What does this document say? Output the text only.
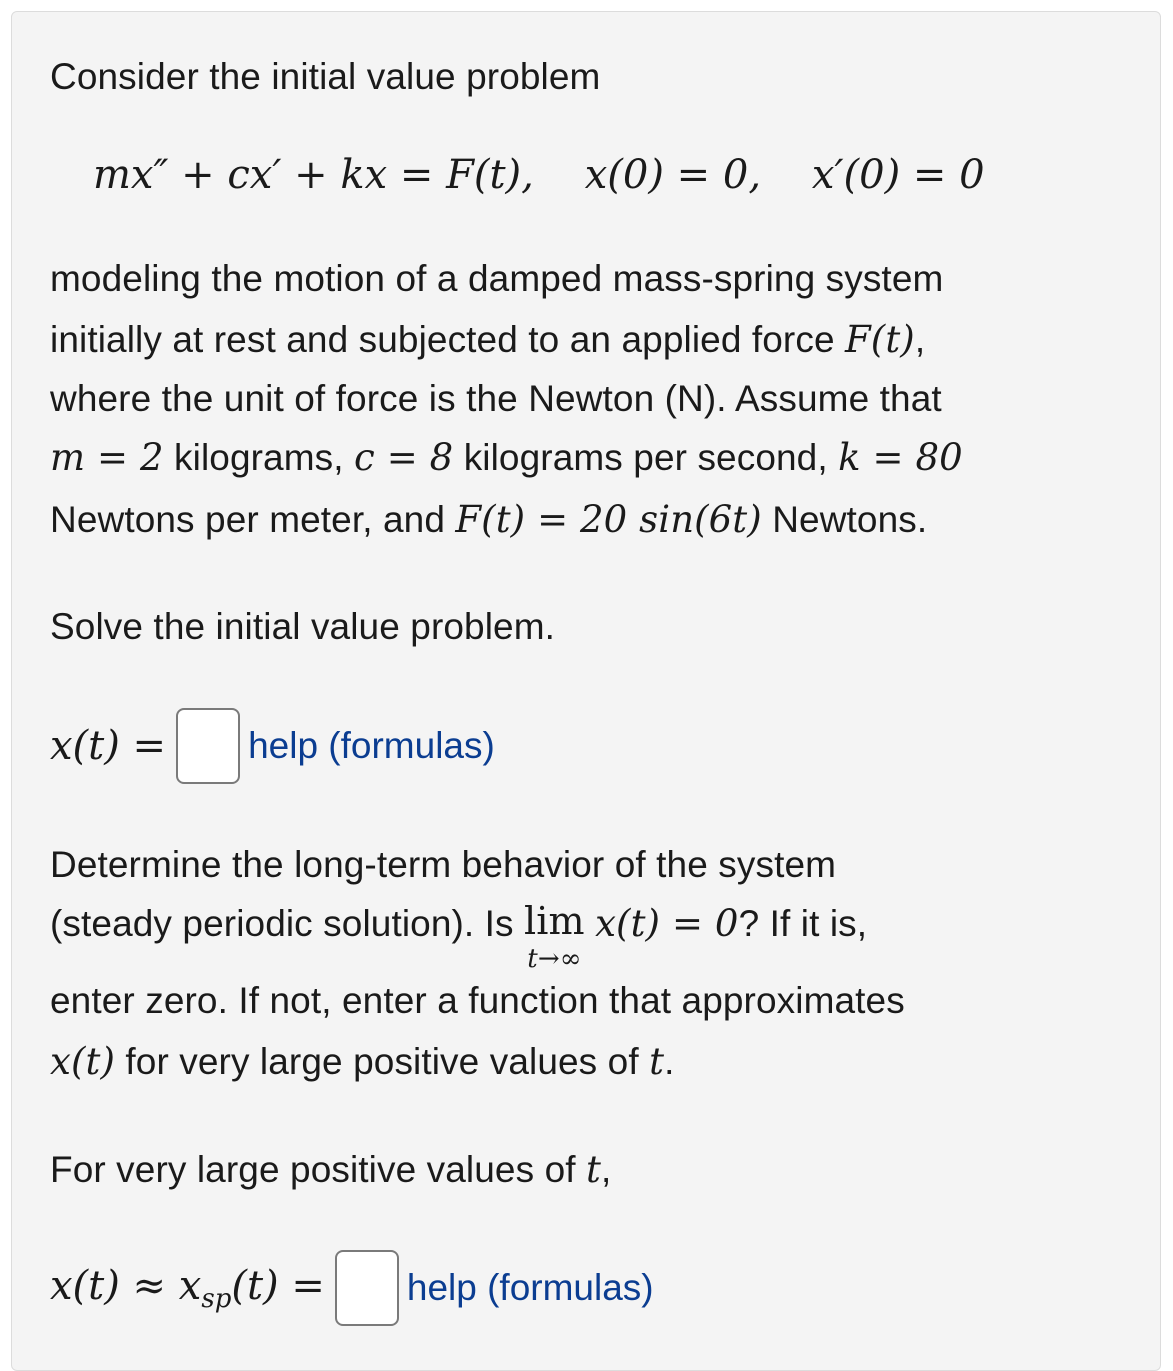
Consider the initial value problem
mx″ + cx′ + kx = F(t), x(0) = 0, x′(0) = 0
modeling the motion of a damped mass-spring system
initially at rest and subjected to an applied force F(t),
where the unit of force is the Newton (N). Assume that
m = 2 kilograms, c = 8 kilograms per second, k = 80
Newtons per meter, and F(t) = 20 sin(6t) Newtons.
Solve the initial value problem.
x(t) = help (formulas)
Determine the long-term behavior of the system
(steady periodic solution). Is lim
t→∞
x(t) = 0? If it is,
enter zero. If not, enter a function that approximates
x(t) for very large positive values of t.
For very large positive values of t,
$x(t) \approx x_{sp}(t)$ = help (formulas)
